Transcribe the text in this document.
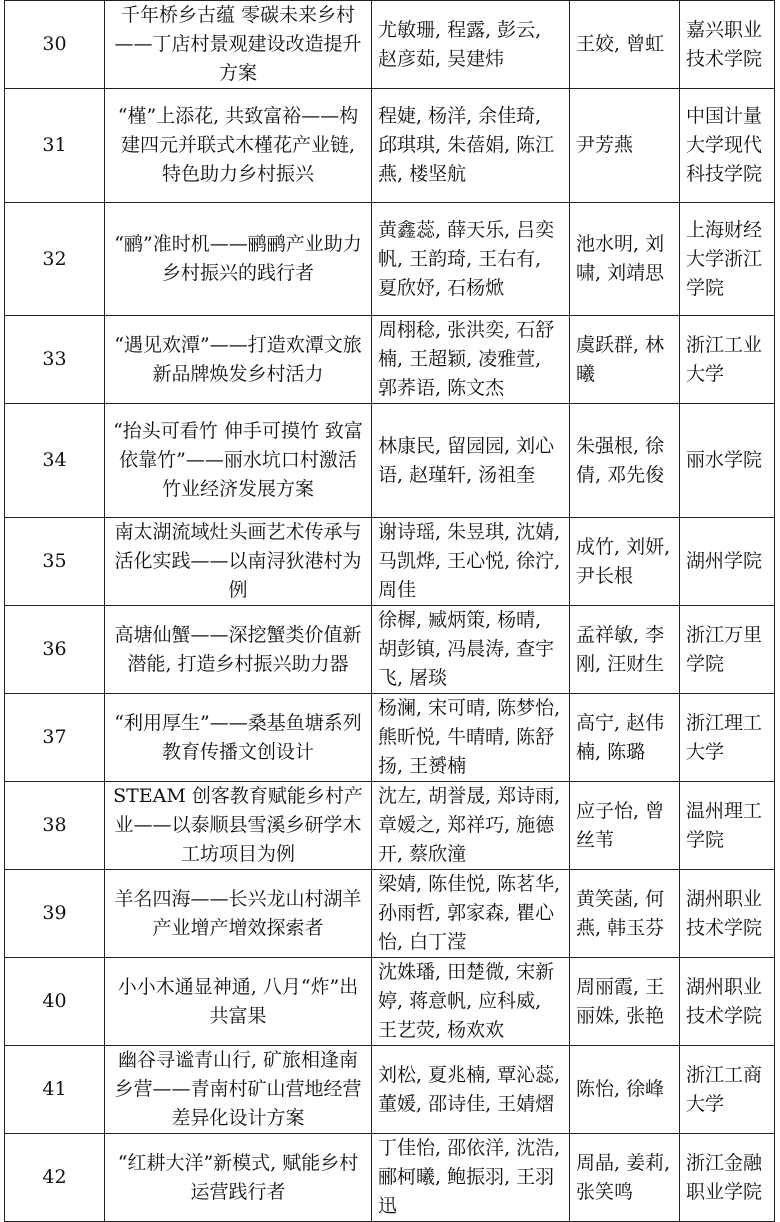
30	千年桥乡古蕴 零碳未来乡村——丁店村景观建设改造提升方案	尤敏珊, 程露, 彭云, 赵彦茹, 吴建炜	王姣, 曾虹	嘉兴职业技术学院
31	“槿”上添花, 共致富裕——构建四元并联式木槿花产业链, 特色助力乡村振兴	程婕, 杨洋, 余佳琦, 邱琪琪, 朱蓓娟, 陈江燕, 楼坚航	尹芳燕	中国计量大学现代科技学院
32	“鹂”准时机——鹂鹂产业助力乡村振兴的践行者	黄鑫蕊, 薛天乐, 吕奕帆, 王韵琦, 王右有, 夏欣妤, 石杨焮	池水明, 刘啸, 刘靖思	上海财经大学浙江学院
33	“遇见欢潭”——打造欢潭文旅新品牌焕发乡村活力	周栩稔, 张洪奕, 石舒楠, 王超颖, 凌雅萱, 郭荞语, 陈文杰	虞跃群, 林曦	浙江工业大学
34	“抬头可看竹 伸手可摸竹 致富依靠竹”——丽水坑口村激活竹业经济发展方案	林康民, 留园园, 刘心语, 赵瑾轩, 汤祖奎	朱强根, 徐倩, 邓先俊	丽水学院
35	南太湖流域灶头画艺术传承与活化实践——以南浔狄港村为例	谢诗瑶, 朱昱琪, 沈婧, 马凯烨, 王心悦, 徐泞, 周佳	成竹, 刘妍, 尹长根	湖州学院
36	高塘仙蟹——深挖蟹类价值新潜能, 打造乡村振兴助力器	徐樨, 臧炳策, 杨晴, 胡彭镇, 冯晨涛, 查宇飞, 屠琰	孟祥敏, 李刚, 汪财生	浙江万里学院
37	“利用厚生”——桑基鱼塘系列教育传播文创设计	杨澜, 宋可晴, 陈梦怡, 熊昕悦, 牛晴晴, 陈舒扬, 王赟楠	高宁, 赵伟楠, 陈璐	浙江理工大学
38	STEAM 创客教育赋能乡村产业——以泰顺县雪溪乡研学木工坊项目为例	沈左, 胡誉晟, 郑诗雨, 章嫒之, 郑祥巧, 施德开, 蔡欣潼	应子怡, 曾丝苇	温州理工学院
39	羊名四海——长兴龙山村湖羊产业增产增效探索者	梁婧, 陈佳悦, 陈茗华, 孙雨哲, 郭家森, 瞿心怡, 白丁滢	黄笑菡, 何燕, 韩玉芬	湖州职业技术学院
40	小小木通显神通, 八月“炸”出共富果	沈姝璠, 田楚微, 宋新婷, 蒋意帆, 应科威, 王艺荧, 杨欢欢	周丽霞, 王丽姝, 张艳	湖州职业技术学院
41	幽谷寻谧青山行, 矿旅相逢南乡营——青南村矿山营地经营差异化设计方案	刘松, 夏兆楠, 覃沁蕊, 董媛, 邵诗佳, 王婧熠	陈怡, 徐峰	浙江工商大学
42	“红耕大洋”新模式, 赋能乡村运营践行者	丁佳怡, 邵依洋, 沈浩, 郦柯曦, 鲍振羽, 王羽迅	周晶, 姜莉, 张笑鸣	浙江金融职业学院
